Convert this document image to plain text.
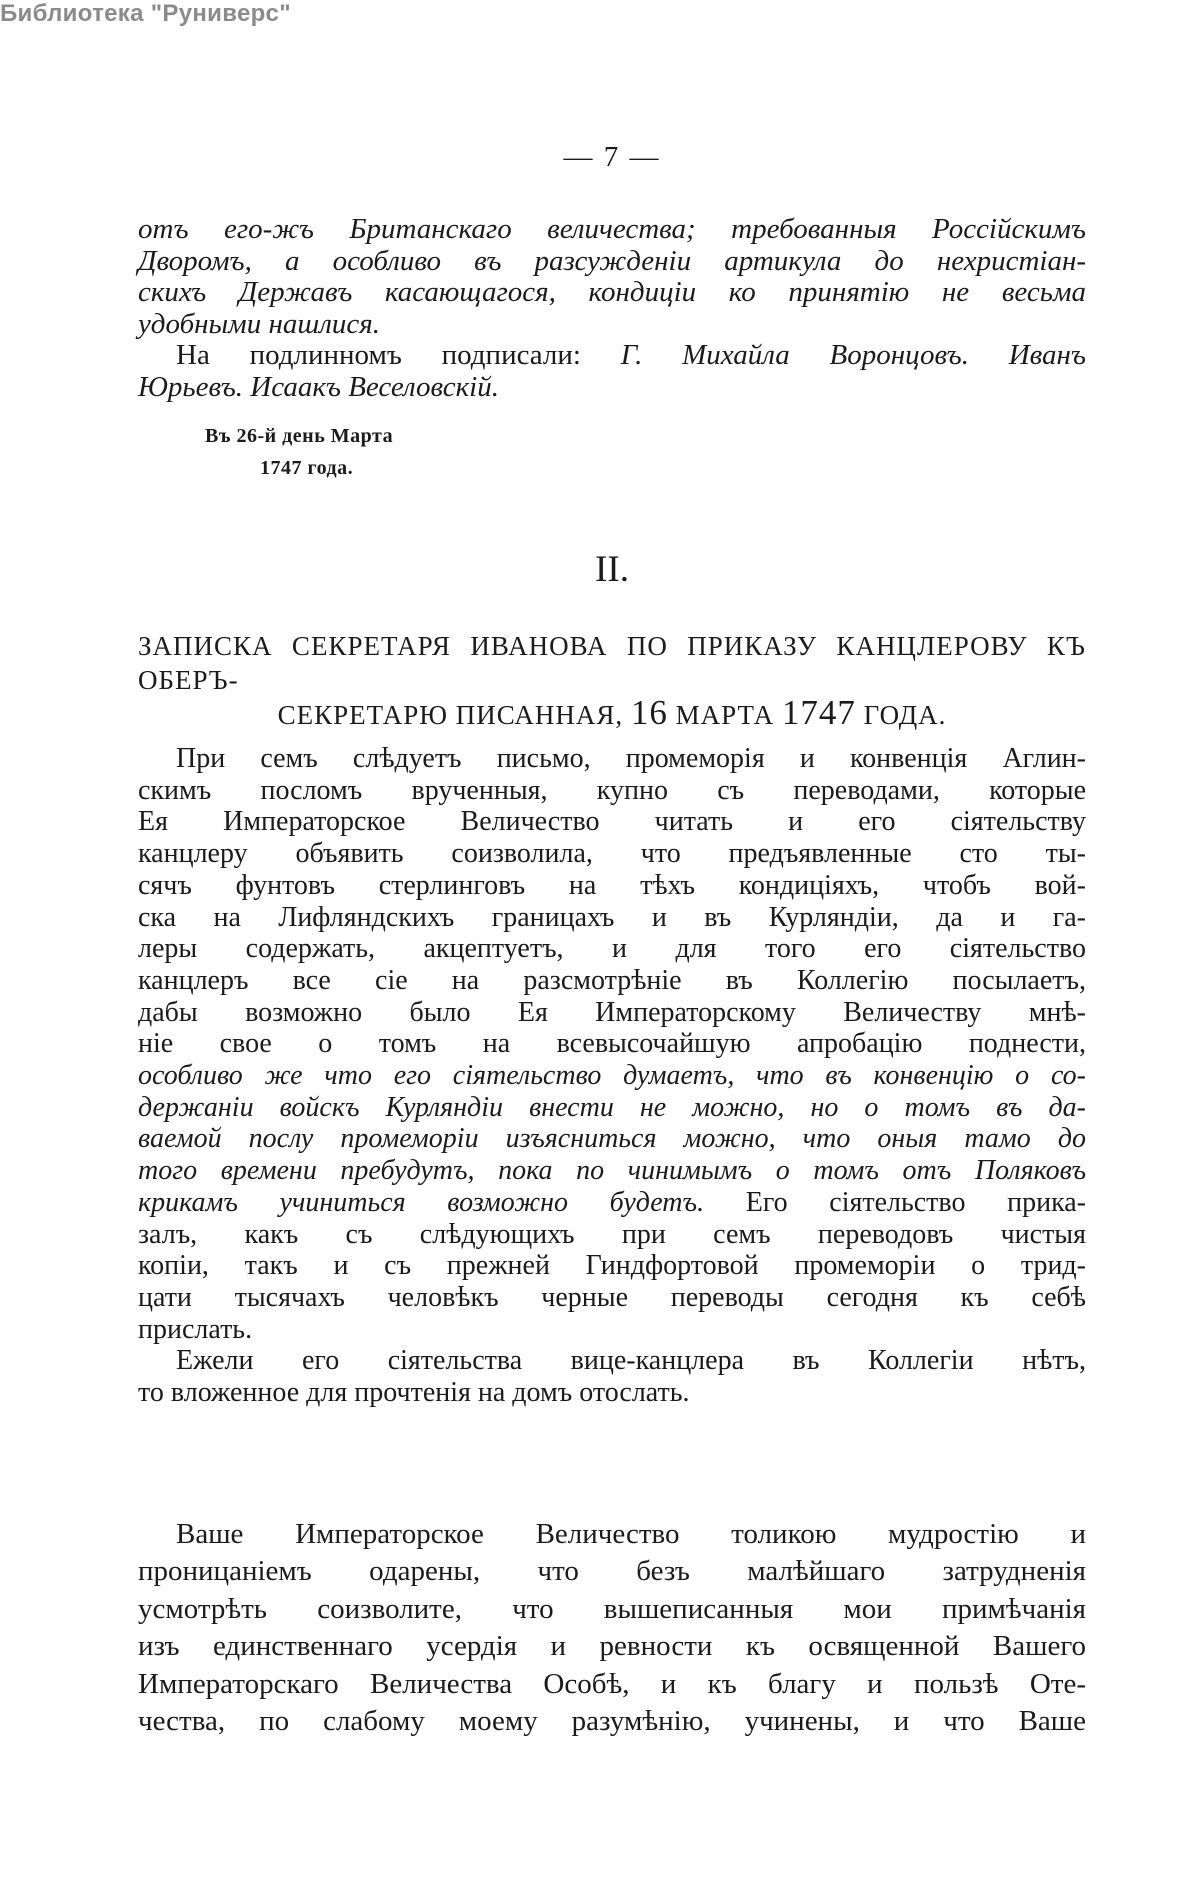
— 7 —
отъ его-жъ Британскаго величества; требованныя Россійскимъ
Дворомъ, а особливо въ разсужденіи артикула до нехристіан-
скихъ Державъ касающагося, кондиціи ко принятію не весьма
удобными нашлися.
На подлинномъ подписали: Г. Михайла Воронцовъ. Иванъ
Юрьевъ. Исаакъ Веселовскій.
Въ 26-й день Марта
1747 года.
II.
ЗАПИСКА СЕКРЕТАРЯ ИВАНОВА ПО ПРИКАЗУ КАНЦЛЕРОВУ КЪ ОБЕРЪ-
СЕКРЕТАРЮ ПИСАННАЯ, 16 МАРТА 1747 ГОДА.
При семъ слѣдуетъ письмо, промеморія и конвенція Аглин-
скимъ посломъ врученныя, купно съ переводами, которые
Ея Императорское Величество читать и его сіятельству
канцлеру объявить соизволила, что предъявленные сто ты-
сячъ фунтовъ стерлинговъ на тѣхъ кондиціяхъ, чтобъ вой-
ска на Лифляндскихъ границахъ и въ Курляндіи, да и га-
леры содержать, акцептуетъ, и для того его сіятельство
канцлеръ все сіе на разсмотрѣніе въ Коллегію посылаетъ,
дабы возможно было Ея Императорскому Величеству мнѣ-
ніе свое о томъ на всевысочайшую апробацію поднести,
особливо же что его сіятельство думаетъ, что въ конвенцію о со-
держаніи войскъ Курляндіи внести не можно, но о томъ въ да-
ваемой послу промеморіи изъясниться можно, что оныя тамо до
того времени пребудутъ, пока по чинимымъ о томъ отъ Поляковъ
крикамъ учиниться возможно будетъ. Его сіятельство прика-
залъ, какъ съ слѣдующихъ при семъ переводовъ чистыя
копіи, такъ и съ прежней Гиндфортовой промеморіи о трид-
цати тысячахъ человѣкъ черные переводы сегодня къ себѣ
прислать.
Ежели его сіятельства вице-канцлера въ Коллегіи нѣтъ,
то вложенное для прочтенія на домъ отослать.
Ваше Императорское Величество толикою мудростію и
проницаніемъ одарены, что безъ малѣйшаго затрудненія
усмотрѣть соизволите, что вышеписанныя мои примѣчанія
изъ единственнаго усердія и ревности къ освященной Вашего
Императорскаго Величества Особѣ, и къ благу и пользѣ Оте-
чества, по слабому моему разумѣнію, учинены, и что Ваше
Библиотека "Руниверс"
